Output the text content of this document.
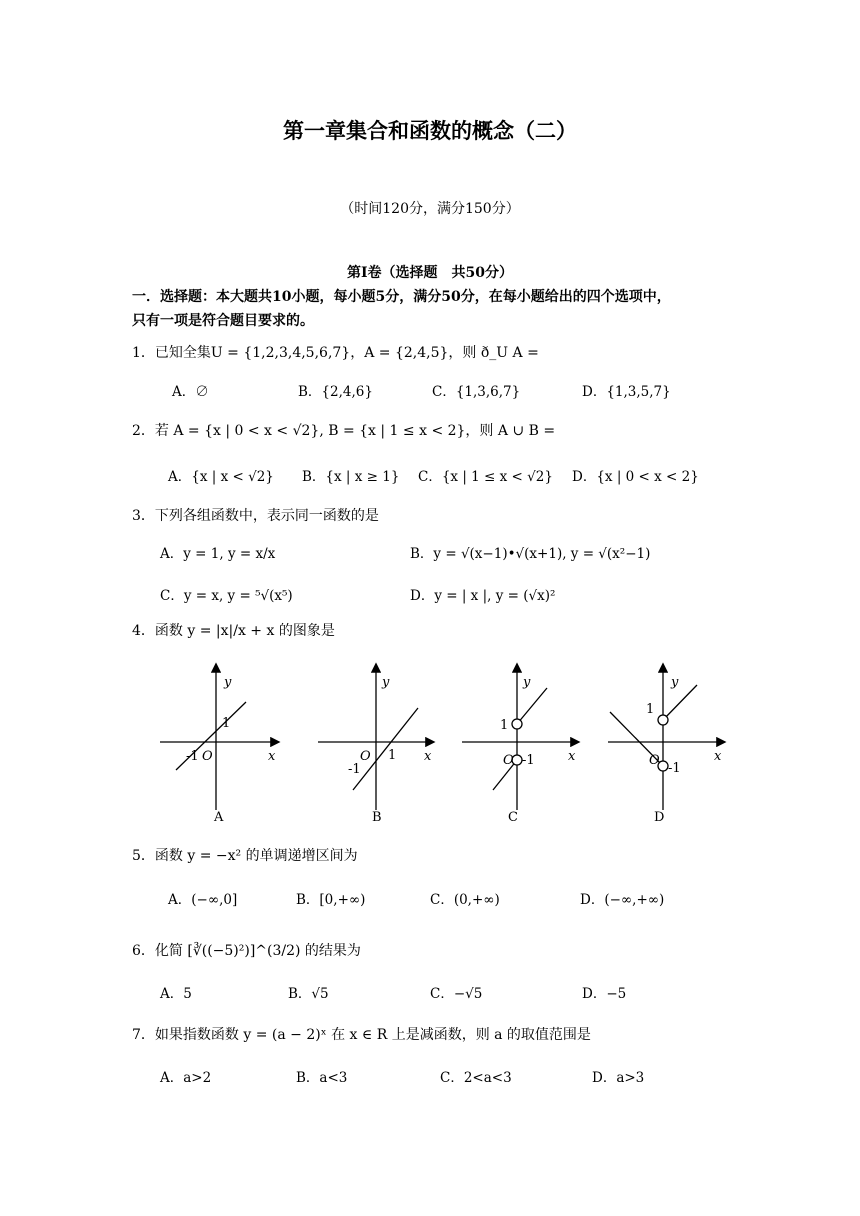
第一章集合和函数的概念（二）
（时间120分，满分150分）
第Ⅰ卷（选择题　共50分）
一．选择题：本大题共10小题，每小题5分，满分50分，在每小题给出的四个选项中，
只有一项是符合题目要求的。
1．已知全集U = {1,2,3,4,5,6,7}，A = {2,4,5}，则 ð_U A =
A．∅	B．{2,4,6}	C．{1,3,6,7}	D．{1,3,5,7}
2．若 A = {x | 0 < x < √2}, B = {x | 1 ≤ x < 2}，则 A ∪ B =
A．{x | x < √2} B．{x | x ≥ 1} C．{x | 1 ≤ x < √2} D．{x | 0 < x < 2}
3．下列各组函数中，表示同一函数的是
A．y = 1, y = x/x	B．y = √(x−1)•√(x+1), y = √(x²−1)
C．y = x, y = ⁵√(x⁵)	D．y = | x |, y = (√x)²
4．函数 y = |x|/x + x 的图象是
y
x
O
1
-1
y
x
O 1
-1
y
x
O
1
-1
y
x
O
1
-1
A	B	C	D
5．函数 y = −x² 的单调递增区间为
A．(−∞,0]	B．[0,+∞)	C．(0,+∞)	D．(−∞,+∞)
6．化简 [∛((−5)²)]^(3/2) 的结果为
A．5	B．√5	C．−√5	D．−5
7．如果指数函数 y = (a − 2)ˣ 在 x ∈ R 上是减函数，则 a 的取值范围是
A．a>2	B．a<3	C．2<a<3	D．a>3
